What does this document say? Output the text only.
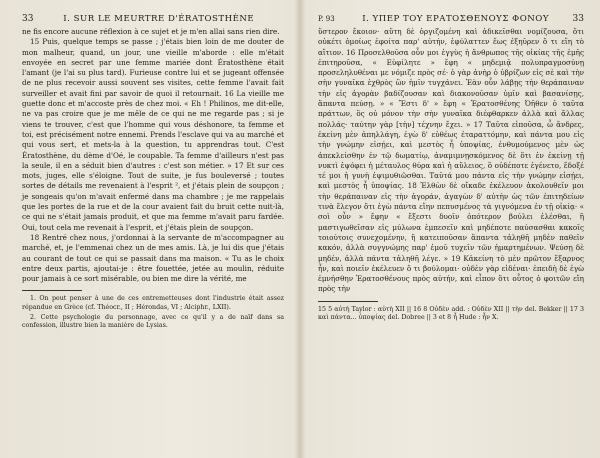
33	I. SUR LE MEURTRE D'ÉRATOSTHÈNE

ne fis encore aucune réflexion à ce sujet et je m'en allai sans rien dire.

15 Puis, quelque temps se passe ; j'étais bien loin de me douter de mon malheur, quand, un jour, une vieille m'aborde : elle m'était envoyée en secret par une femme mariée dont Ératosthène était l'amant (je l'ai su plus tard). Furieuse contre lui et se jugeant offensée de ne plus recevoir aussi souvent ses visites, cette femme l'avait fait surveiller et avait fini par savoir de quoi il retournait. 16 La vieille me guette donc et m'accoste près de chez moi. « Eh ! Philinos, me dit-elle, ne va pas croire que je me mêle de ce qui ne me regarde pas ; si je viens te trouver, c'est que l'homme qui vous déshonore, ta femme et toi, est précisément notre ennemi. Prends l'esclave qui va au marché et qui vous sert, et mets-la à la question, tu apprendras tout. C'est Ératosthène, du dème d'Oé, le coupable. Ta femme d'ailleurs n'est pas la seule, il en a séduit bien d'autres : c'est son métier. » 17 Et sur ces mots, juges, elle s'éloigne. Tout de suite, je fus bouleversé ; toutes sortes de détails me revenaient à l'esprit ², et j'étais plein de soupçon ; je songeais qu'on m'avait enfermé dans ma chambre ; je me rappelais que les portes de la rue et de la cour avaient fait du bruit cette nuit-là, ce qui ne s'était jamais produit, et que ma femme m'avait paru fardée. Oui, tout cela me revenait à l'esprit, et j'étais plein de soupçon.

18 Rentré chez nous, j'ordonnai à la servante de m'accompagner au marché, et, je l'emmenai chez un de mes amis. Là, je lui dis que j'étais au courant de tout ce qui se passait dans ma maison. « Tu as le choix entre deux partis, ajoutai-je : être fouettée, jetée au moulin, réduite pour jamais à ce sort misérable, ou bien me dire la vérité, me

1. On peut penser à une de ces entremetteuses dont l'industrie était assez répandue en Grèce (cf. Théocr., II ; Hérondas, VI ; Alciphr., LXII).

2. Cette psychologie du personnage, avec ce qu'il y a de naïf dans sa confession, illustre bien la manière de Lysias.

P. 93	I. ΥΠΕΡ ΤΟΥ ΕΡΑΤΟΣΘΕΝΟΥΣ ΦΟΝΟΥ	33

ὕστερον ἔκοιον· αὕτη δὲ ὀργιζομένη καὶ ἀδικεῖσθαι νομίζουσα, ὅτι οὐκέτι ὁμοίως ἐφοίτα παρ' αὐτήν, ἐφύλαττεν ἕως ἐξηῦρεν ὅ τι εἴη τὸ αἴτιον. 16 Προσελθοῦσα οὖν μοι ἐγγὺς ἡ ἄνθρωπος τῆς οἰκίας τῆς ἐμῆς ἐπιτηροῦσα, « Εὐφίλητε » ἔφη « μηδεμιᾷ πολυπραγμοσύνῃ προσεληλυθέναι με νόμιζε πρὸς σέ· ὁ γὰρ ἀνὴρ ὁ ὑβρίζων εἰς σὲ καὶ τὴν σὴν γυναῖκα ἐχθρὸς ὢν ἡμῖν τυγχάνει. Ἐὰν οὖν λάβῃς τὴν θεράπαιναν τὴν εἰς ἀγορὰν βαδίζουσαν καὶ διακονοῦσαν ὑμῖν καὶ βασανίσῃς, ἅπαντα πεύσῃ. » « Ἔστι δ' » ἔφη « Ἐρατοσθένης Ὀῆθεν ὁ ταῦτα πράττων, ὃς οὐ μόνον τὴν σὴν γυναῖκα διέφθαρκεν ἀλλὰ καὶ ἄλλας πολλάς· ταύτην γὰρ [τὴν] τέχνην ἔχει. » 17 Ταῦτα εἰποῦσα, ὦ ἄνδρες, ἐκείνη μὲν ἀπηλλάγη, ἐγὼ δ' εὐθέως ἐταραττόμην, καὶ πάντα μου εἰς τὴν γνώμην εἰσῄει, καὶ μεστὸς ἦ ὑποψίας, ἐνθυμούμενος μὲν ὡς ἀπεκλείσθην ἐν τῷ δωματίῳ, ἀναμιμνῃσκόμενος δὲ ὅτι ἐν ἐκείνῃ τῇ νυκτὶ ἐψόφει ἡ μέταυλος θύρα καὶ ἡ αὔλειος, ὃ οὐδέποτε ἐγένετο, ἔδοξέ τέ μοι ἡ γυνὴ ἐψιμυθιῶσθαι. Ταῦτά μου πάντα εἰς τὴν γνώμην εἰσῄει, καὶ μεστὸς ἦ ὑποψίας. 18 Ἐλθὼν δὲ οἴκαδε ἐκέλευον ἀκολουθεῖν μοι τὴν θεράπαιναν εἰς τὴν ἀγοράν, ἀγαγὼν δ' αὐτὴν ὡς τῶν ἐπιτηδείων τινὰ ἔλεγον ὅτι ἐγὼ πάντα εἴην πεπυσμένος τὰ γιγνόμενα ἐν τῇ οἰκίᾳ· « σοὶ οὖν » ἔφην « ἔξεστι δυοῖν ὁπότερον βούλει ἑλέσθαι, ἢ μαστιγωθεῖσαν εἰς μύλωνα ἐμπεσεῖν καὶ μηδέποτε παύσασθαι κακοῖς τοιούτοις συνεχομένην, ἢ κατειποῦσαν ἅπαντα τἀληθῆ μηδὲν παθεῖν κακόν, ἀλλὰ συγγνώμης παρ' ἐμοῦ τυχεῖν τῶν ἡμαρτημένων. Ψεύσῃ δὲ μηδέν, ἀλλὰ πάντα τἀληθῆ λέγε. » 19 Κἀκείνη τὸ μὲν πρῶτον ἔξαρνος ἦν, καὶ ποιεῖν ἐκέλευεν ὅ τι βούλομαι· οὐδὲν γὰρ εἰδέναι· ἐπειδὴ δὲ ἐγὼ ἐμνήσθην Ἐρατοσθένους πρὸς αὐτήν, καὶ εἶπον ὅτι οὗτος ὁ φοιτῶν εἴη πρὸς τὴν

15 5 αὐτὴ Taylor : αὐτὴ XII || 16 8 Οὐδὲν add. : Οὐδὲν XII || τὴν del. Bekker || 17 3 καὶ πάντα... ὑποψίας del. Dobree || 3 et 8 ἦ Hude : ἦν X.
